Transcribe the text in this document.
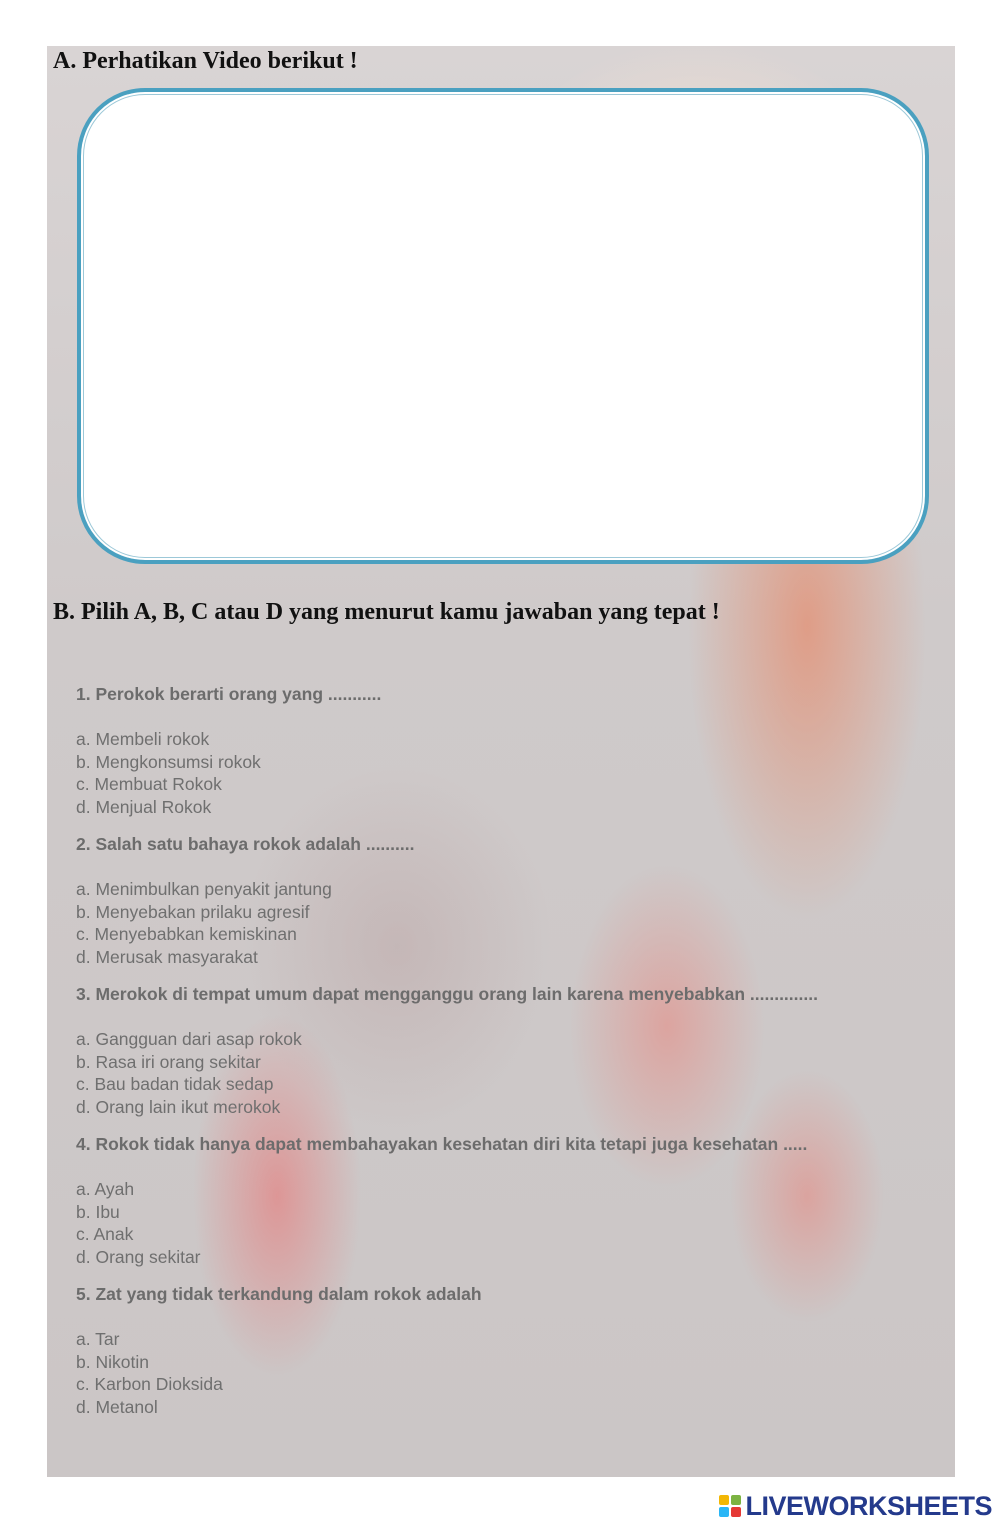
A. Perhatikan Video berikut !
B. Pilih A, B, C atau D yang menurut kamu jawaban yang tepat !
1. Perokok berarti orang yang ...........
a. Membeli rokok
b. Mengkonsumsi rokok
c. Membuat Rokok
d. Menjual Rokok
2. Salah satu bahaya rokok adalah ..........
a. Menimbulkan penyakit jantung
b. Menyebakan prilaku agresif
c. Menyebabkan kemiskinan
d. Merusak masyarakat
3. Merokok di tempat umum dapat mengganggu orang lain karena menyebabkan ..............
a. Gangguan dari asap rokok
b. Rasa iri orang sekitar
c. Bau badan tidak sedap
d. Orang lain ikut merokok
4. Rokok tidak hanya dapat membahayakan kesehatan diri kita tetapi juga kesehatan .....
a. Ayah
b. Ibu
c. Anak
d. Orang sekitar
5. Zat yang tidak terkandung dalam rokok adalah
a. Tar
b. Nikotin
c. Karbon Dioksida
d. Metanol
LIVEWORKSHEETS
